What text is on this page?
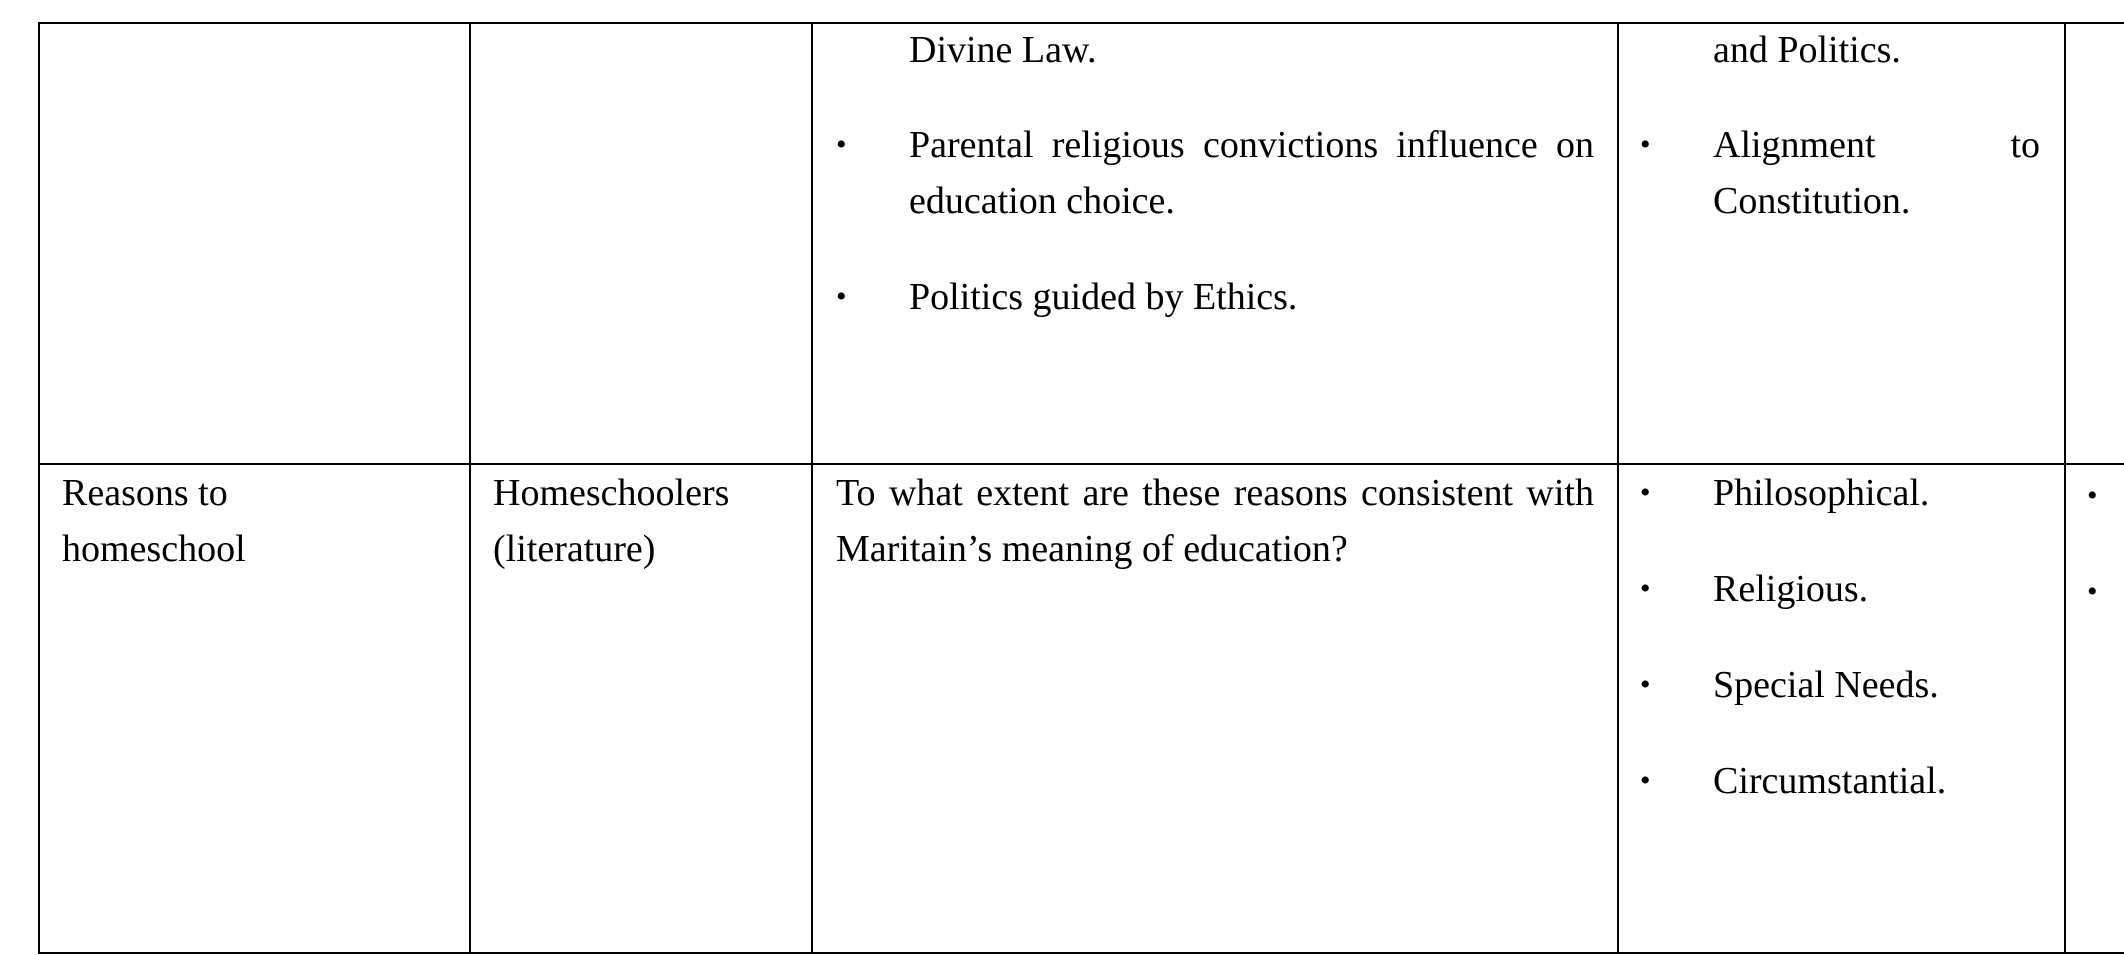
Divine Law.
• Parental religious convictions influence on education choice.
• Politics guided by Ethics.
and Politics.
• Alignment	to
Constitution.
Reasons to
homeschool
Homeschoolers
(literature)
To what extent are these reasons consistent with Maritain’s meaning of education?
• Philosophical.
• Religious.
• Special Needs.
• Circumstantial.
•
•
